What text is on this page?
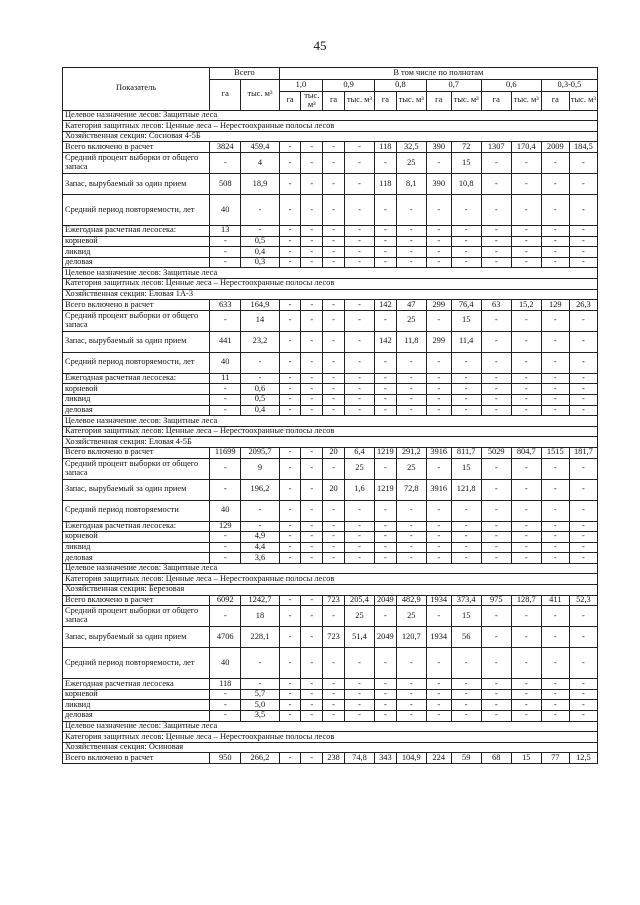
45
Показатель	Всего		В том числе по полнотам											
	га	тыс. м³	1,0		0,9		0,8		0,7		0,6		0,3-0,5	
			га	тыс. м³	га	тыс. м³	га	тыс. м³	га	тыс. м³	га	тыс. м³	га	тыс. м³
Целевое назначение лесов: Защитные леса														
Категория защитных лесов: Ценные леса – Нерестоохранные полосы лесов														
Хозяйственная секция: Сосновая 4-5Б														
Всего включено в расчет	3824	459,4	-	-	-	-	118	32,5	390	72	1307	170,4	2009	184,5
Средний процент выборки от общего запаса	-	4	-	-	-	-	-	25	-	15	-	-	-	-
Запас, вырубаемый за один прием	508	18,9	-	-	-	-	118	8,1	390	10,8	-	-	-	-
Средний период повторяемости, лет	40	-	-	-	-	-	-	-	-	-	-	-	-	-
Ежегодная расчетная лесосека:	13	-	-	-	-	-	-	-	-	-	-	-	-	-
корневой	-	0,5	-	-	-	-	-	-	-	-	-	-	-	-
ликвид	-	0,4	-	-	-	-	-	-	-	-	-	-	-	-
деловая	-	0,3	-	-	-	-	-	-	-	-	-	-	-	-
Целевое назначение лесов: Защитные леса														
Категория защитных лесов: Ценные леса – Нерестоохранные полосы лесов														
Хозяйственная секция: Еловая 1А-3														
Всего включено в расчет	633	164,9	-	-	-	-	142	47	299	76,4	63	15,2	129	26,3
Средний процент выборки от общего запаса	-	14	-	-	-	-	-	25	-	15	-	-	-	-
Запас, вырубаемый за один прием	441	23,2	-	-	-	-	142	11,8	299	11,4	-	-	-	-
Средний период повторяемости, лет	40	-	-	-	-	-	-	-	-	-	-	-	-	-
Ежегодная расчетная лесосека:	11	-	-	-	-	-	-	-	-	-	-	-	-	-
корневой	-	0,6	-	-	-	-	-	-	-	-	-	-	-	-
ликвид	-	0,5	-	-	-	-	-	-	-	-	-	-	-	-
деловая	-	0,4	-	-	-	-	-	-	-	-	-	-	-	-
Целевое назначение лесов: Защитные леса														
Категория защитных лесов: Ценные леса – Нерестоохранные полосы лесов														
Хозяйственная секция: Еловая 4-5Б														
Всего включено в расчет	11699	2095,7	-	-	20	6,4	1219	291,2	3916	811,7	5029	804,7	1515	181,7
Средний процент выборки от общего запаса	-	9	-	-	-	25	-	25	-	15	-	-	-	-
Запас, вырубаемый за один прием	-	196,2	-	-	20	1,6	1219	72,8	3916	121,8	-	-	-	-
Средний период повторяемости	40	-	-	-	-	-	-	-	-	-	-	-	-	-
Ежегодная расчетная лесосека:	129	-	-	-	-	-	-	-	-	-	-	-	-	-
корневой	-	4,9	-	-	-	-	-	-	-	-	-	-	-	-
ликвид	-	4,4	-	-	-	-	-	-	-	-	-	-	-	-
деловая	-	3,6	-	-	-	-	-	-	-	-	-	-	-	-
Целевое назначение лесов: Защитные леса														
Категория защитных лесов: Ценные леса – Нерестоохранные полосы лесов														
Хозяйственная секция: Березовая														
Всего включено в расчет	6092	1242,7	-	-	723	205,4	2049	482,9	1934	373,4	975	128,7	411	52,3
Средний процент выборки от общего запаса	-	18	-	-	-	25	-	25	-	15	-	-	-	-
Запас, вырубаемый за один прием	4706	228,1	-	-	723	51,4	2049	120,7	1934	56	-	-	-	-
Средний период повторяемости, лет	40	-	-	-	-	-	-	-	-	-	-	-	-	-
Ежегодная расчетная лесосека	118	-	-	-	-	-	-	-	-	-	-	-	-	-
корневой	-	5,7	-	-	-	-	-	-	-	-	-	-	-	-
ликвид	-	5,0	-	-	-	-	-	-	-	-	-	-	-	-
деловая	-	3,5	-	-	-	-	-	-	-	-	-	-	-	-
Целевое назначение лесов: Защитные леса														
Категория защитных лесов: Ценные леса – Нерестоохранные полосы лесов														
Хозяйственная секция: Осиновая														
Всего включено в расчет	950	266,2	-	-	238	74,8	343	104,9	224	59	68	15	77	12,5
